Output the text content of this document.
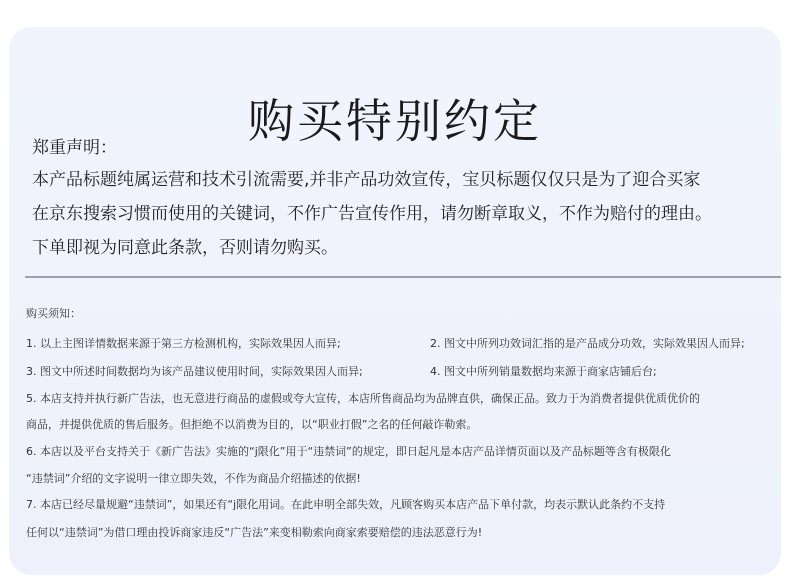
购买特别约定
郑重声明：
本产品标题纯属运营和技术引流需要,并非产品功效宣传，宝贝标题仅仅只是为了迎合买家
在京东搜索习惯而使用的关键词，不作广告宣传作用，请勿断章取义，不作为赔付的理由。
下单即视为同意此条款，否则请勿购买。
购买须知：
1. 以上主图详情数据来源于第三方检测机构，实际效果因人而异;	2. 图文中所列功效词汇指的是产品成分功效，实际效果因人而异;
3. 图文中所述时间数据均为该产品建议使用时间，实际效果因人而异;	4. 图文中所列销量数据均来源于商家店铺后台;
5. 本店支持并执行新广告法，也无意进行商品的虚假或夸大宣传，本店所售商品均为品牌直供，确保正品。致力于为消费者提供优质优价的
商品，并提供优质的售后服务。但拒绝不以消费为目的，以“职业打假”之名的任何敲诈勒索。
6. 本店以及平台支持关于《新广告法》实施的“j限化”用于“违禁词”的规定，即日起凡是本店产品详情页面以及产品标题等含有极限化
“违禁词”介绍的文字说明一律立即失效，不作为商品介绍描述的依据!
7. 本店已经尽量规避“违禁词”，如果还有“j限化用词。在此申明全部失效，凡顾客购买本店产品下单付款，均表示默认此条约不支持
任何以“违禁词”为借口理由投诉商家违反“广告法”来变相勒索向商家索要赔偿的违法恶意行为!
